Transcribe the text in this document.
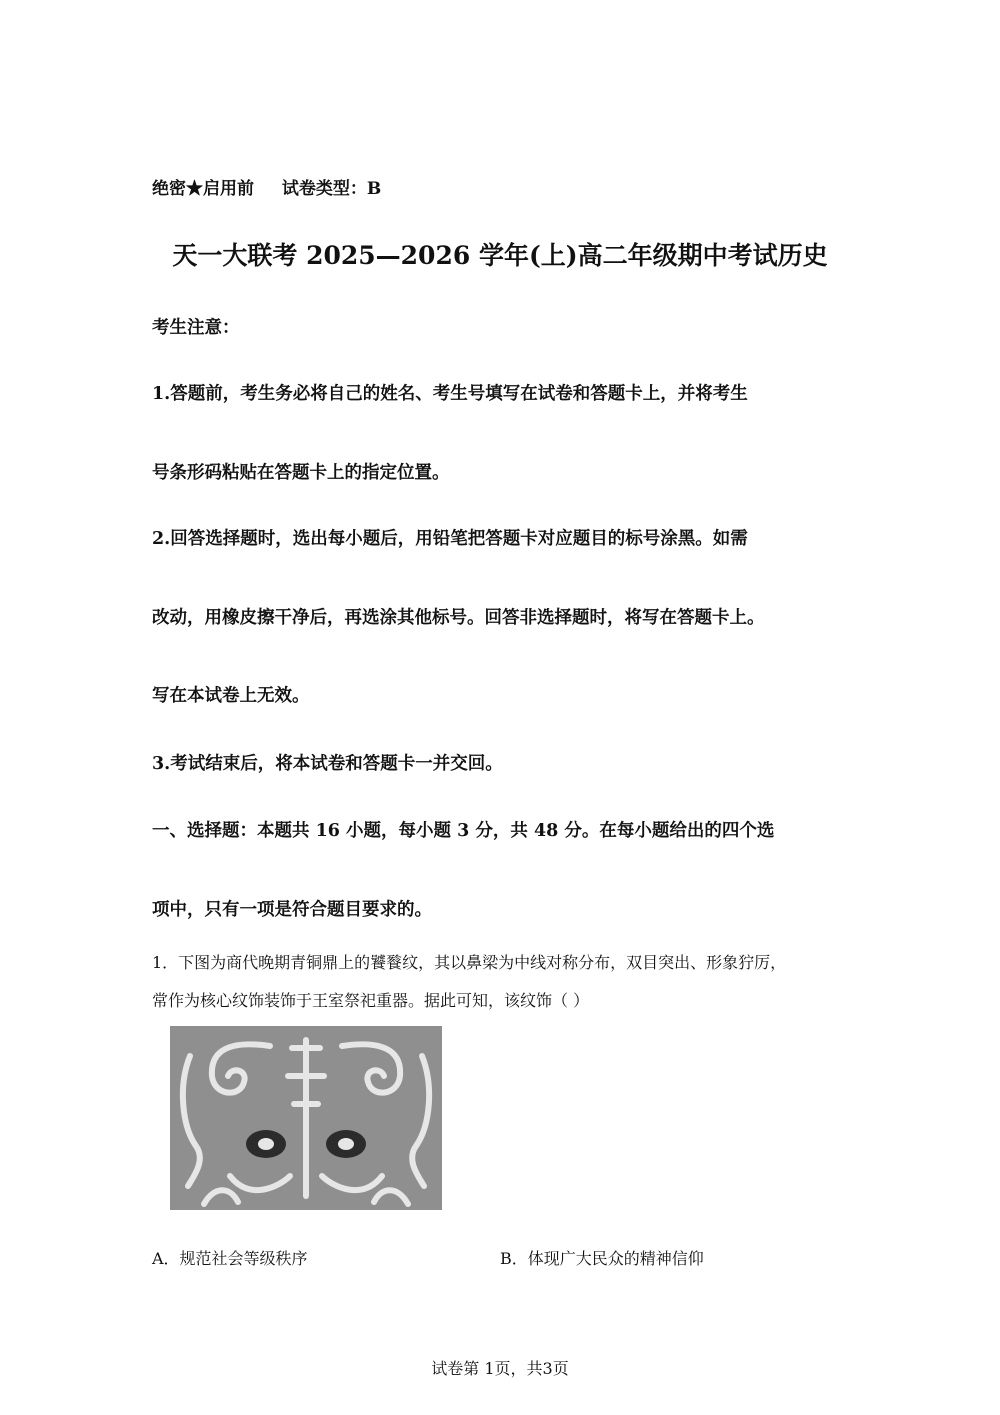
绝密★启用前 试卷类型：B
天一大联考 2025—2026 学年(上)高二年级期中考试历史
考生注意：
1.答题前，考生务必将自己的姓名、考生号填写在试卷和答题卡上，并将考生
号条形码粘贴在答题卡上的指定位置。
2.回答选择题时，选出每小题后，用铅笔把答题卡对应题目的标号涂黑。如需
改动，用橡皮擦干净后，再选涂其他标号。回答非选择题时，将写在答题卡上。
写在本试卷上无效。
3.考试结束后，将本试卷和答题卡一并交回。
一、选择题：本题共 16 小题，每小题 3 分，共 48 分。在每小题给出的四个选
项中，只有一项是符合题目要求的。
1．下图为商代晚期青铜鼎上的饕餮纹，其以鼻梁为中线对称分布，双目突出、形象狞厉，
常作为核心纹饰装饰于王室祭祀重器。据此可知，该纹饰（ ）
A．规范社会等级秩序	B．体现广大民众的精神信仰
试卷第 1页，共3页
